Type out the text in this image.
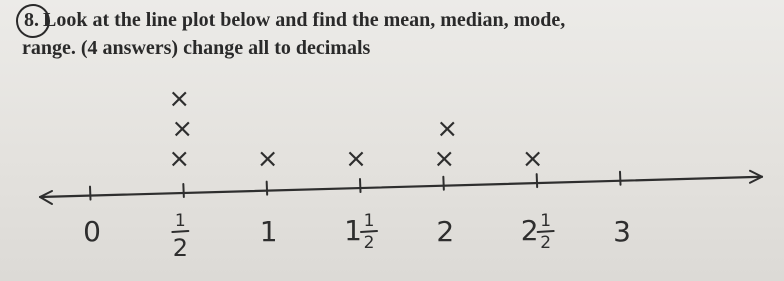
8. Look at the line plot below and find the mean, median, mode,
range. (4 answers) change all to decimals
×
×
×
×	×	×
×
×
0	1
2	1 1 1
2 2 2 1
2 3
